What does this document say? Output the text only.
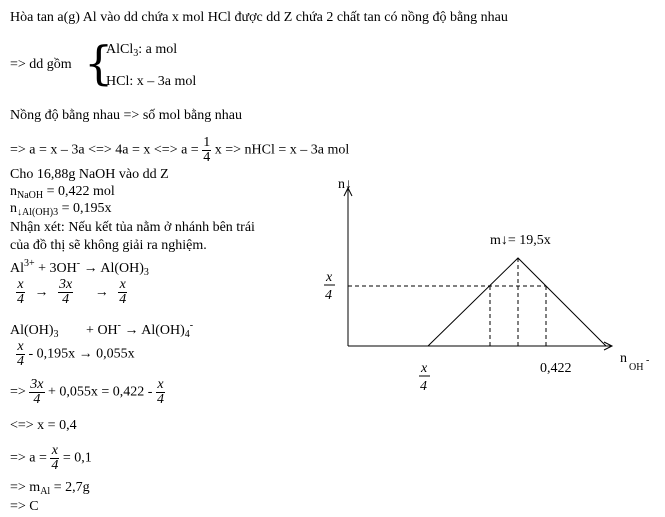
Hòa tan a(g) Al vào dd chứa x mol HCl được dd Z chứa 2 chất tan có nồng độ bằng nhau
=> dd gồm {
AlCl$_3$: a mol
HCl: x – 3a mol
Nồng độ bằng nhau => số mol bằng nhau
=> a = x – 3a <=> 4a = x <=> $a = \frac{1}{4}$ x => nHCl = x – 3a mol
Cho 16,88g NaOH vào dd Z
$n_{NaOH} = 0,422$ mol
$n_{↓Al(OH)3} = 0,195x$
Nhận xét: Nếu kết tủa nằm ở nhánh bên trái
của đồ thị sẽ không giải ra nghiệm.
$Al^{3+} + 3OH^- \to Al(OH)_3$
$\frac{x}{4} \to \frac{3x}{4} \to \frac{x}{4}$
$Al(OH)_3 + OH^- \to Al(OH)_4^-$
$\frac{x}{4} - 0,195x \to 0,055x$
=> $\frac{3x}{4} + 0,055x = 0,422 - \frac{x}{4}$
<=> x = 0,4
=> $a = \frac{x}{4} = 0,1$
=> $m_{Al} = 2,7g$
=> C
n↓
m↓= 19,5x
x
4
x
4
0,422
n
OH
-
